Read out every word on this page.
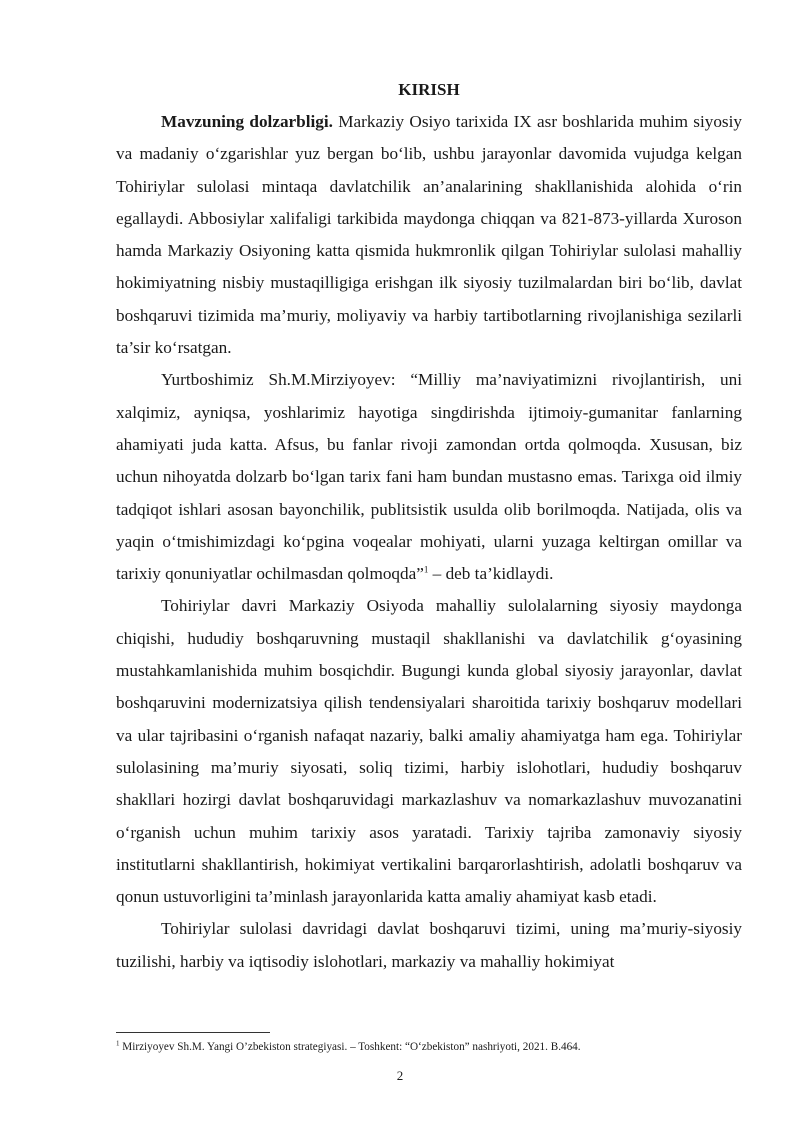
KIRISH

Mavzuning dolzarbligi. Markaziy Osiyo tarixida IX asr boshlarida muhim siyosiy va madaniy o‘zgarishlar yuz bergan bo‘lib, ushbu jarayonlar davomida vujudga kelgan Tohiriylar sulolasi mintaqa davlatchilik an’analarining shakllanishida alohida o‘rin egallaydi. Abbosiylar xalifaligi tarkibida maydonga chiqqan va 821-873-yillarda Xuroson hamda Markaziy Osiyoning katta qismida hukmronlik qilgan Tohiriylar sulolasi mahalliy hokimiyatning nisbiy mustaqilligiga erishgan ilk siyosiy tuzilmalardan biri bo‘lib, davlat boshqaruvi tizimida ma’muriy, moliyaviy va harbiy tartibotlarning rivojlanishiga sezilarli ta’sir ko‘rsatgan.

Yurtboshimiz Sh.M.Mirziyoyev: “Milliy ma’naviyatimizni rivojlantirish, uni xalqimiz, ayniqsa, yoshlarimiz hayotiga singdirishda ijtimoiy-gumanitar fanlarning ahamiyati juda katta. Afsus, bu fanlar rivoji zamondan ortda qolmoqda. Xususan, biz uchun nihoyatda dolzarb bo‘lgan tarix fani ham bundan mustasno emas. Tarixga oid ilmiy tadqiqot ishlari asosan bayonchilik, publitsistik usulda olib borilmoqda. Natijada, olis va yaqin o‘tmishimizdagi ko‘pgina voqealar mohiyati, ularni yuzaga keltirgan omillar va tarixiy qonuniyatlar ochilmasdan qolmoqda”$^1$ – deb ta’kidlaydi.

Tohiriylar davri Markaziy Osiyoda mahalliy sulolalarning siyosiy maydonga chiqishi, hududiy boshqaruvning mustaqil shakllanishi va davlatchilik g‘oyasining mustahkamlanishida muhim bosqichdir. Bugungi kunda global siyosiy jarayonlar, davlat boshqaruvini modernizatsiya qilish tendensiyalari sharoitida tarixiy boshqaruv modellari va ular tajribasini o‘rganish nafaqat nazariy, balki amaliy ahamiyatga ham ega. Tohiriylar sulolasining ma’muriy siyosati, soliq tizimi, harbiy islohotlari, hududiy boshqaruv shakllari hozirgi davlat boshqaruvidagi markazlashuv va nomarkazlashuv muvozanatini o‘rganish uchun muhim tarixiy asos yaratadi. Tarixiy tajriba zamonaviy siyosiy institutlarni shakllantirish, hokimiyat vertikalini barqarorlashtirish, adolatli boshqaruv va qonun ustuvorligini ta’minlash jarayonlarida katta amaliy ahamiyat kasb etadi.

Tohiriylar sulolasi davridagi davlat boshqaruvi tizimi, uning ma’muriy-siyosiy tuzilishi, harbiy va iqtisodiy islohotlari, markaziy va mahalliy hokimiyat

$^1$ Mirziyoyev Sh.M. Yangi O’zbekiston strategiyasi. – Toshkent: “O‘zbekiston” nashriyoti, 2021. B.464.

2
